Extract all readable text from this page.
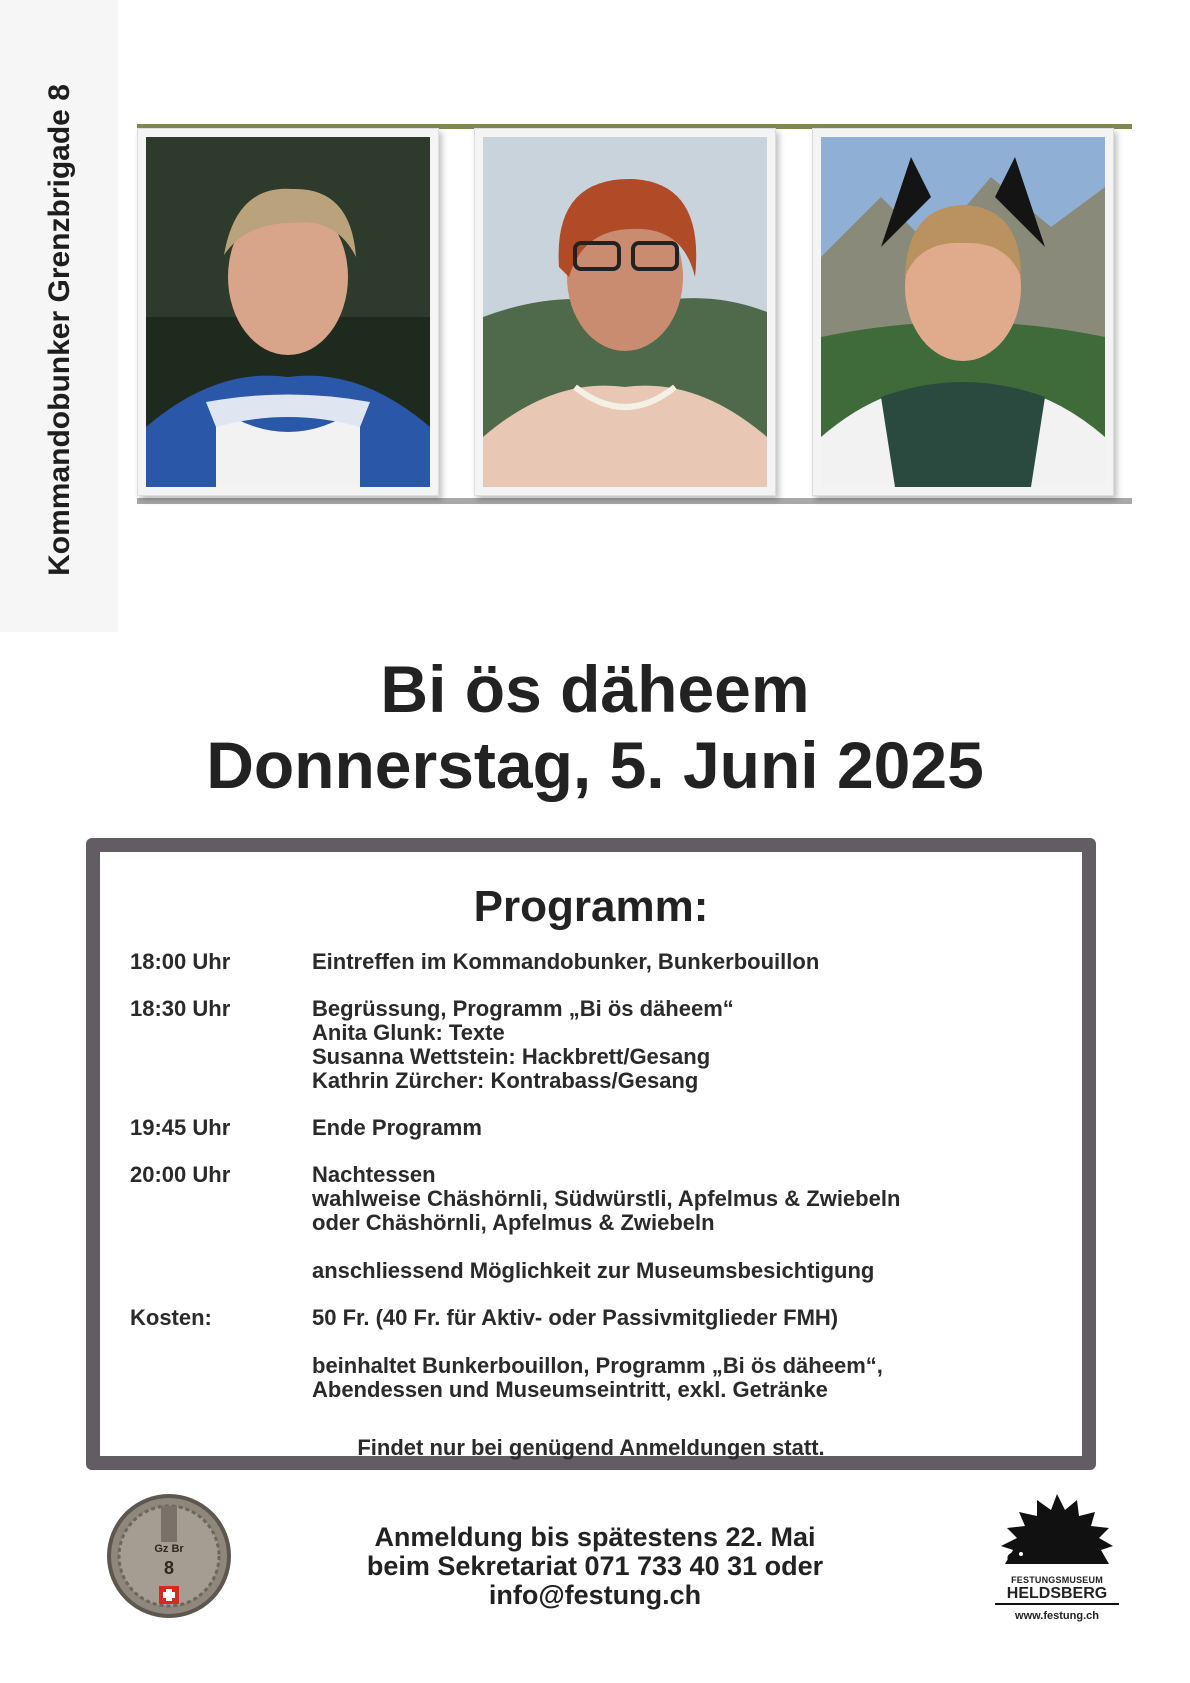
Kommandobunker Grenzbrigade 8
Bi ös däheem
Donnerstag, 5. Juni 2025
Programm:
18:00 Uhr	Eintreffen im Kommandobunker, Bunkerbouillon
18:30 Uhr	Begrüssung, Programm „Bi ös däheem“
Anita Glunk: Texte
Susanna Wettstein: Hackbrett/Gesang
Kathrin Zürcher: Kontrabass/Gesang
19:45 Uhr	Ende Programm
20:00 Uhr	Nachtessen
wahlweise Chäshörnli, Südwürstli, Apfelmus & Zwiebeln
oder Chäshörnli, Apfelmus & Zwiebeln
anschliessend Möglichkeit zur Museumsbesichtigung
Kosten:	50 Fr. (40 Fr. für Aktiv- oder Passivmitglieder FMH)
beinhaltet Bunkerbouillon, Programm „Bi ös däheem“,
Abendessen und Museumseintritt, exkl. Getränke
Findet nur bei genügend Anmeldungen statt.
Gz Br
8
Anmeldung bis spätestens 22. Mai
beim Sekretariat 071 733 40 31 oder
info@festung.ch	FESTUNGSMUSEUM
HELDSBERG
www.festung.ch
